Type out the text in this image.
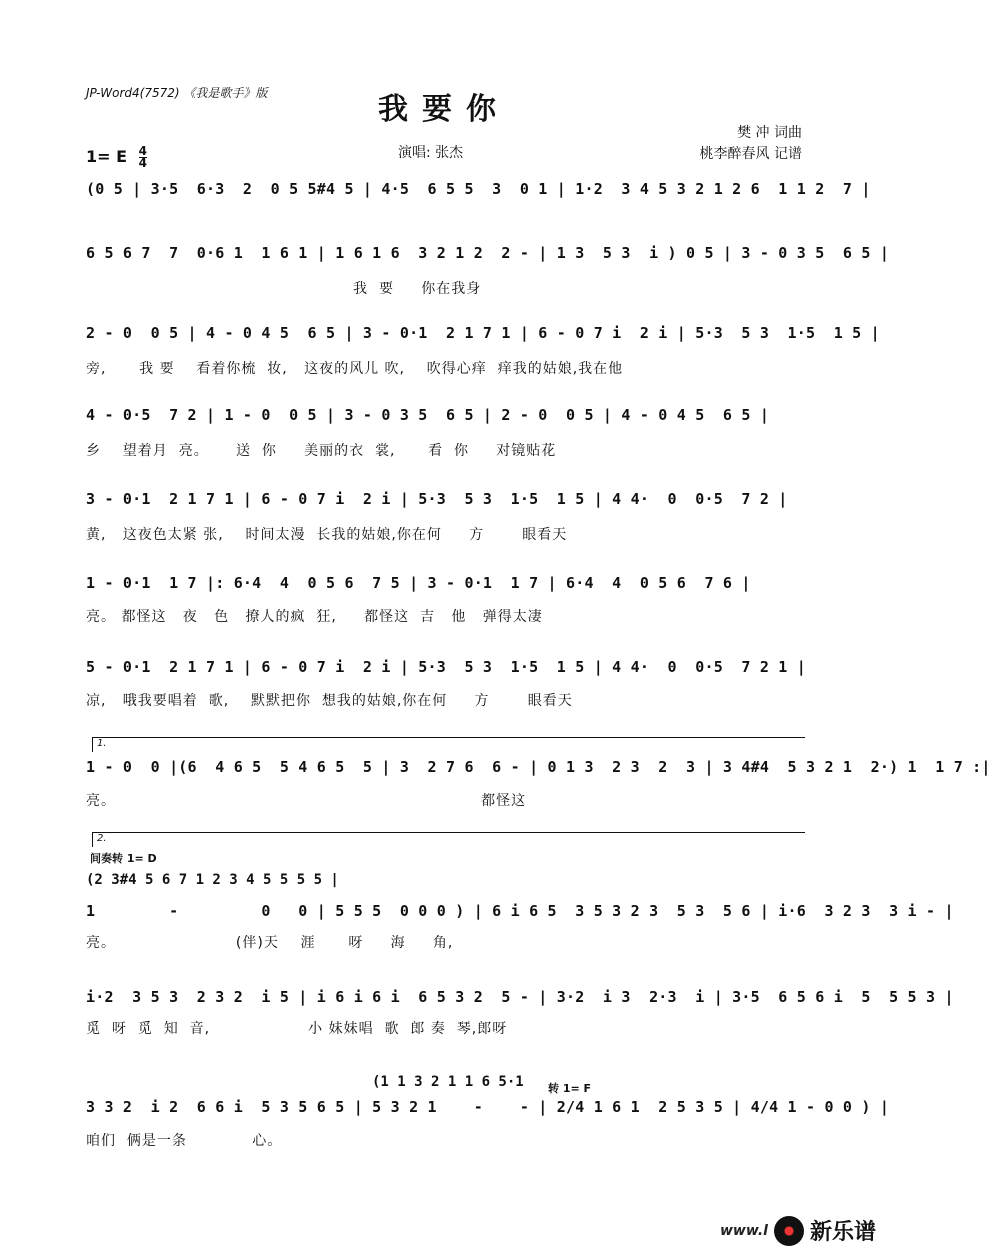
JP-Word4(7572) 《我是歌手》版	我要你
1= E $\frac{4}{4}$	演唱: 张杰
樊 冲 词曲
桃李醉春风 记谱
(0 5 | 3·5  6·3  2  0 5 5#4 5 | 4·5  6 5 5  3  0 1 | 1·2  3 4 5 3 2 1 2 6  1 1 2  7 |
6 5 6 7  7  0·6 1  1 6 1 | 1 6 1 6  3 2 1 2  2 - | 1 3  5 3  i ) 0 5 | 3 - 0 3 5  6 5 |
我  要     你在我身
2 - 0  0 5 | 4 - 0 4 5  6 5 | 3 - 0·1  2 1 7 1 | 6 - 0 7 i  2 i | 5·3  5 3  1·5  1 5 |
旁,      我 要    看着你梳  妆,   这夜的风儿 吹,    吹得心痒  痒我的姑娘,我在他
4 - 0·5  7 2 | 1 - 0  0 5 | 3 - 0 3 5  6 5 | 2 - 0  0 5 | 4 - 0 4 5  6 5 |
乡    望着月  亮。     送  你     美丽的衣  裳,      看  你     对镜贴花
3 - 0·1  2 1 7 1 | 6 - 0 7 i  2 i | 5·3  5 3  1·5  1 5 | 4 4·  0  0·5  7 2 |
黄,   这夜色太紧 张,    时间太漫  长我的姑娘,你在何     方       眼看天
1 - 0·1  1 7 |: 6·4  4  0 5 6  7 5 | 3 - 0·1  1 7 | 6·4  4  0 5 6  7 6 |
亮。 都怪这   夜   色   撩人的疯  狂,     都怪这  吉   他   弹得太凄
5 - 0·1  2 1 7 1 | 6 - 0 7 i  2 i | 5·3  5 3  1·5  1 5 | 4 4·  0  0·5  7 2 1 |
凉,   哦我要唱着  歌,    默默把你  想我的姑娘,你在何     方       眼看天
1.
1 - 0  0 |(6  4 6 5  5 4 6 5  5 | 3  2 7 6  6 - | 0 1 3  2 3  2  3 | 3 4#4  5 3 2 1  2·) 1  1 7 :|
亮。                                                                   都怪这
2.
间奏转 1= D
(2 3#4 5 6 7 1 2 3 4 5 5 5 5 |
1        -         0   0 | 5 5 5  0 0 0 ) | 6 i 6 5  3 5 3 2 3  5 3  5 6 | i·6  3 2 3  3 i - |
亮。                      (伴)天    涯      呀     海     角,
i·2  3 5 3  2 3 2  i 5 | i 6 i 6 i  6 5 3 2  5 - | 3·2  i 3  2·3  i | 3·5  6 5 6 i  5  5 5 3 |
觅  呀  觅  知  音,                  小 妹妹唱  歌  郎 奏  琴,郎呀
(1 1 3 2 1 1 6 5·1 转 1= F
3 3 2  i 2  6 6 i  5 3 5 6 5 | 5 3 2 1    -    - | 2/4 1 6 1  2 5 3 5 | 4/4 1 - 0 0 ) |
咱们  俩是一条            心。
www.l 新乐谱
